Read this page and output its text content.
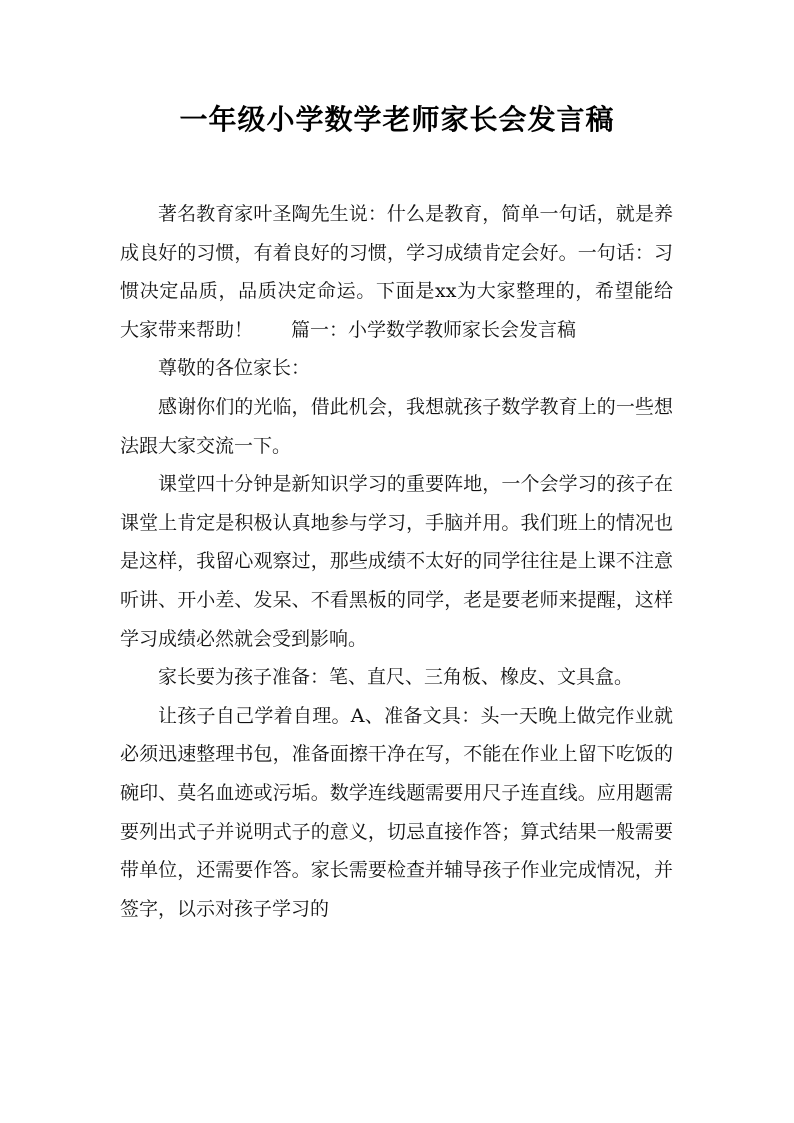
一年级小学数学老师家长会发言稿

著名教育家叶圣陶先生说：什么是教育，简单一句话，就是养成良好的习惯，有着良好的习惯，学习成绩肯定会好。一句话：习惯决定品质，品质决定命运。下面是xx为大家整理的，希望能给大家带来帮助！　　篇一：小学数学教师家长会发言稿

尊敬的各位家长：

感谢你们的光临，借此机会，我想就孩子数学教育上的一些想法跟大家交流一下。

课堂四十分钟是新知识学习的重要阵地，一个会学习的孩子在课堂上肯定是积极认真地参与学习，手脑并用。我们班上的情况也是这样，我留心观察过，那些成绩不太好的同学往往是上课不注意听讲、开小差、发呆、不看黑板的同学，老是要老师来提醒，这样学习成绩必然就会受到影响。

家长要为孩子准备：笔、直尺、三角板、橡皮、文具盒。

让孩子自己学着自理。A、准备文具：头一天晚上做完作业就必须迅速整理书包，准备面擦干净在写，不能在作业上留下吃饭的碗印、莫名血迹或污垢。数学连线题需要用尺子连直线。应用题需要列出式子并说明式子的意义，切忌直接作答；算式结果一般需要带单位，还需要作答。家长需要检查并辅导孩子作业完成情况，并签字，以示对孩子学习的
